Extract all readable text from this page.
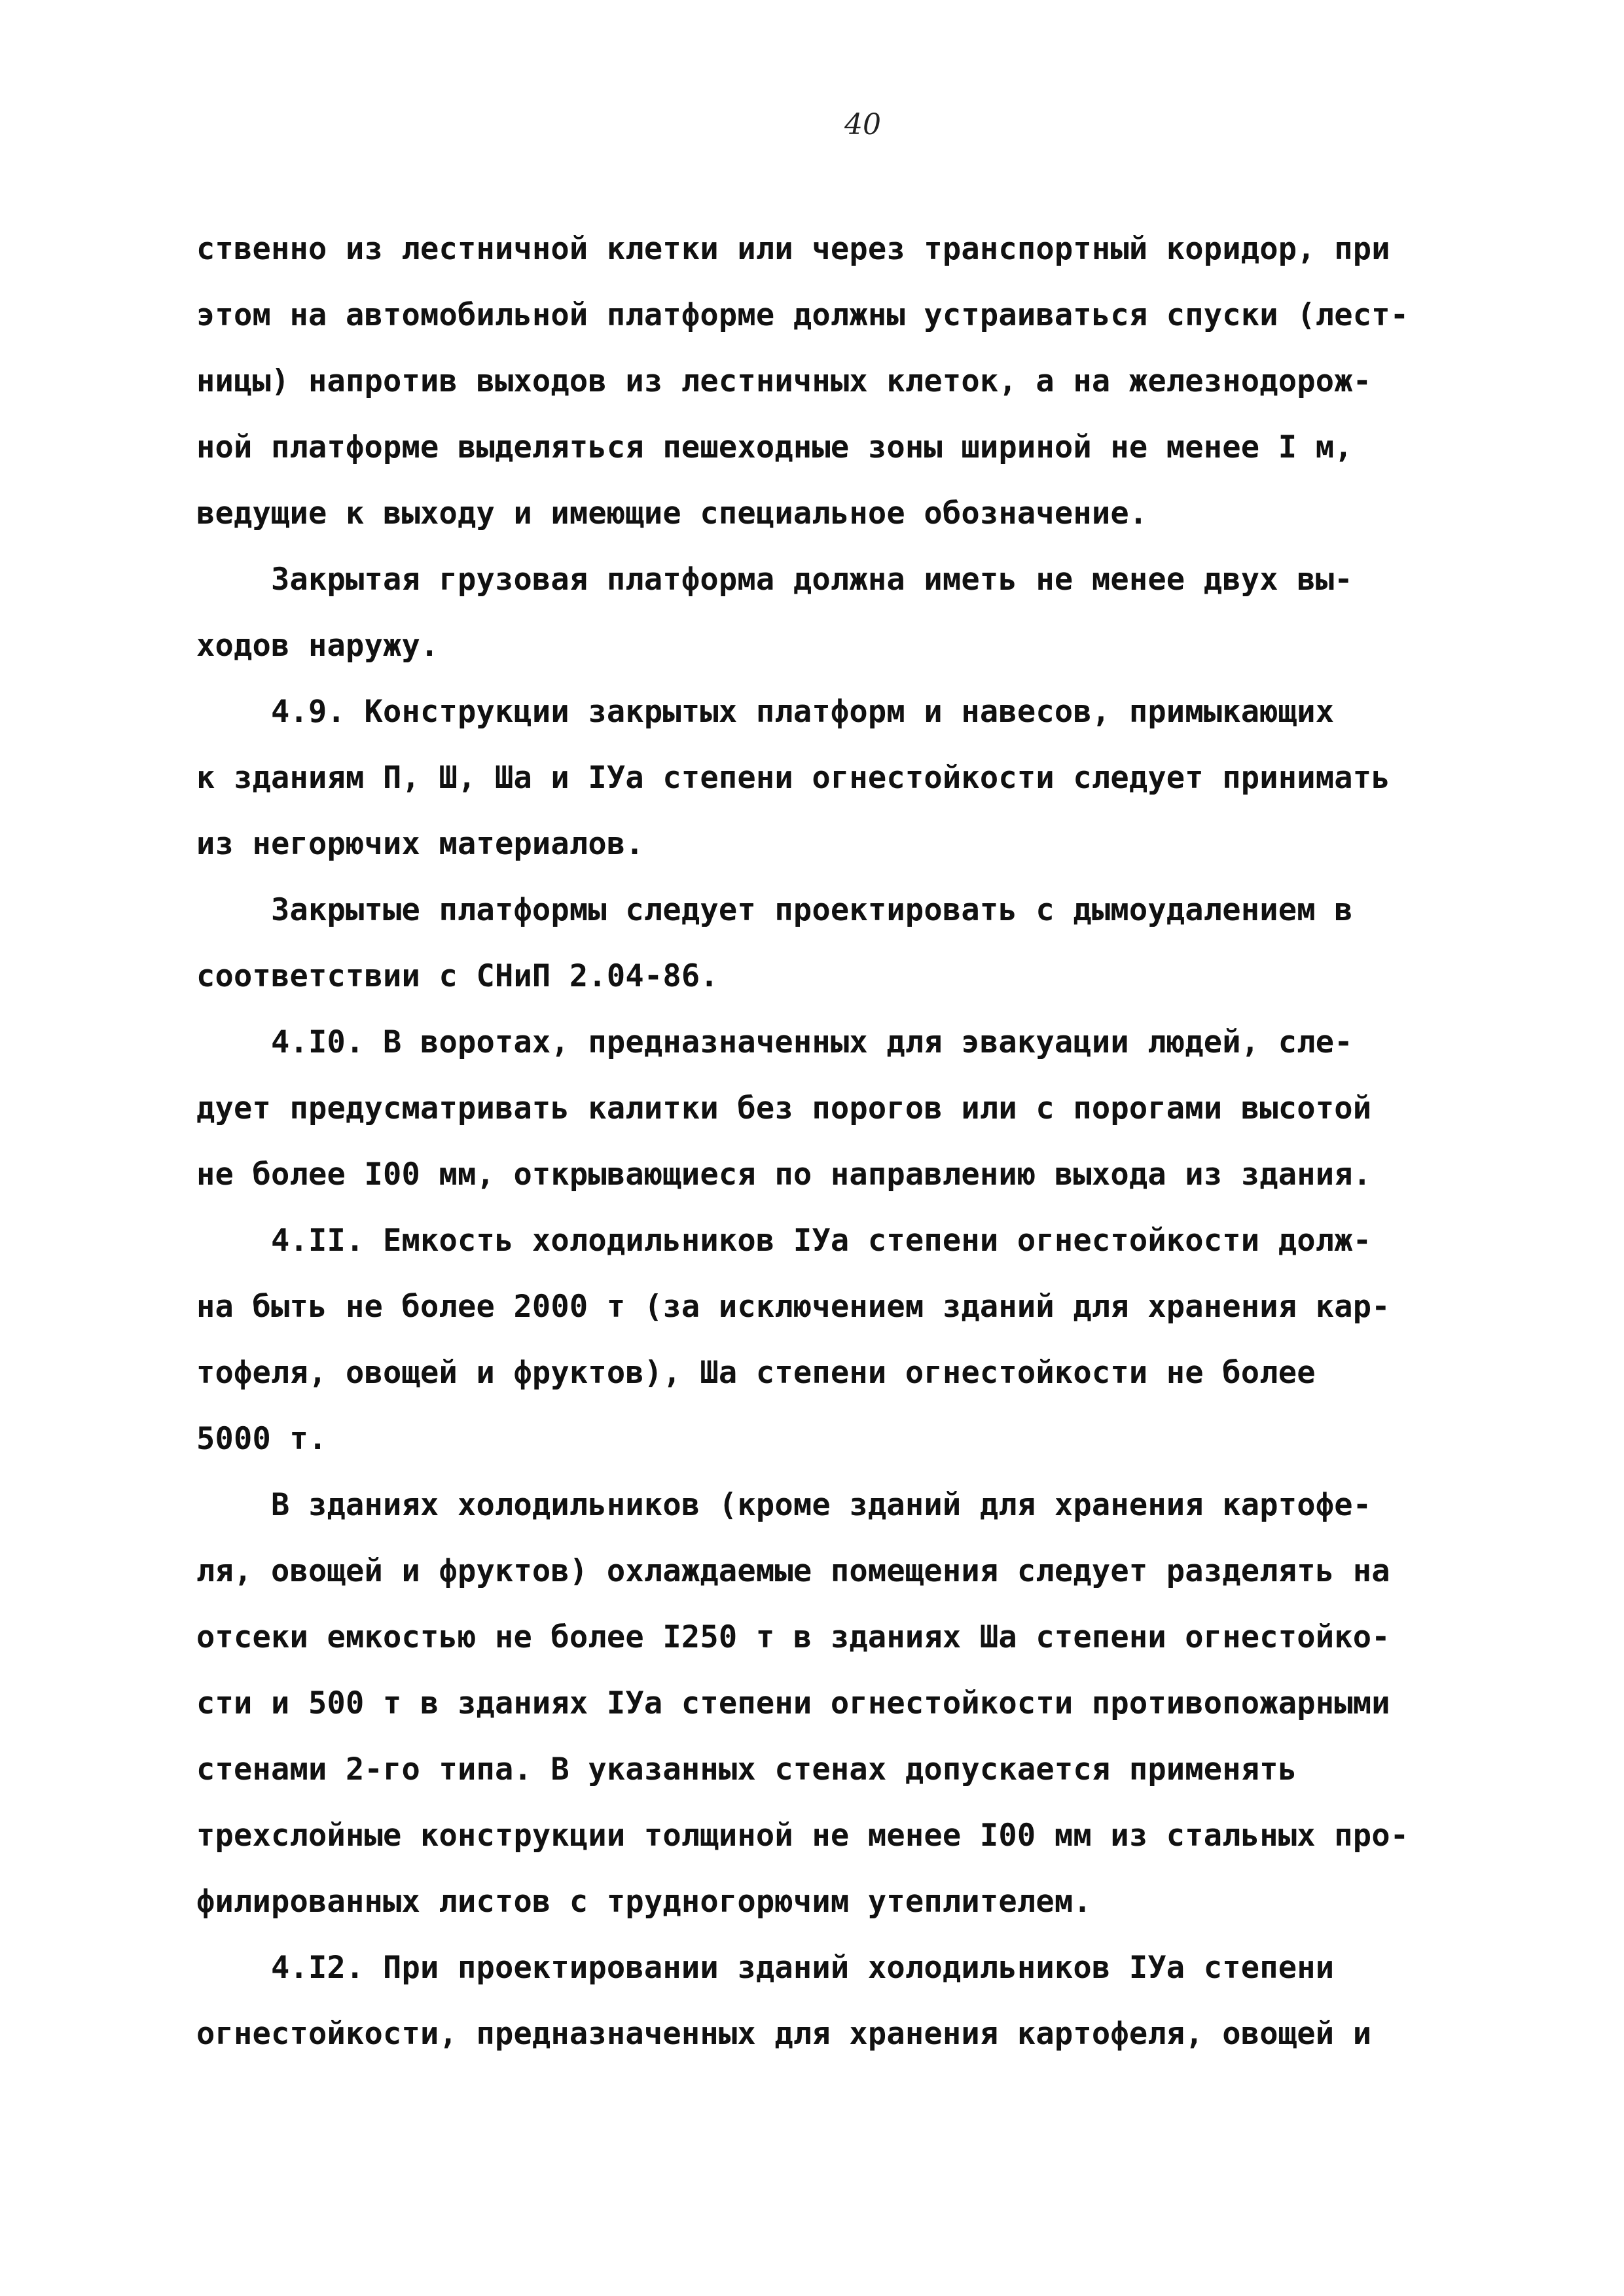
40
ственно из лестничной клетки или через транспортный коридор, при
этом на автомобильной платформе должны устраиваться спуски (лест-
ницы) напротив выходов из лестничных клеток, а на железнодорож-
ной платформе выделяться пешеходные зоны шириной не менее I м,
ведущие к выходу и имеющие специальное обозначение.
Закрытая грузовая платформа должна иметь не менее двух вы-
ходов наружу.
4.9. Конструкции закрытых платформ и навесов, примыкающих
к зданиям П, Ш, Шa и IУa степени огнестойкости следует принимать
из негорючих материалов.
Закрытые платформы следует проектировать с дымоудалением в
соответствии с СНиП 2.04-86.
4.I0. В воротах, предназначенных для эвакуации людей, сле-
дует предусматривать калитки без порогов или с порогами высотой
не более I00 мм, открывающиеся по направлению выхода из здания.
4.II. Емкость холодильников IУa степени огнестойкости долж-
на быть не более 2000 т (за исключением зданий для хранения кар-
тофеля, овощей и фруктов), Шa степени огнестойкости не более
5000 т.
В зданиях холодильников (кроме зданий для хранения картофе-
ля, овощей и фруктов) охлаждаемые помещения следует разделять на
отсеки емкостью не более I250 т в зданиях Шa степени огнестойко-
сти и 500 т в зданиях IУa степени огнестойкости противопожарными
стенами 2-го типа. В указанных стенах допускается применять
трехслойные конструкции толщиной не менее I00 мм из стальных про-
филированных листов с трудногорючим утеплителем.
4.I2. При проектировании зданий холодильников IУa степени
огнестойкости, предназначенных для хранения картофеля, овощей и
